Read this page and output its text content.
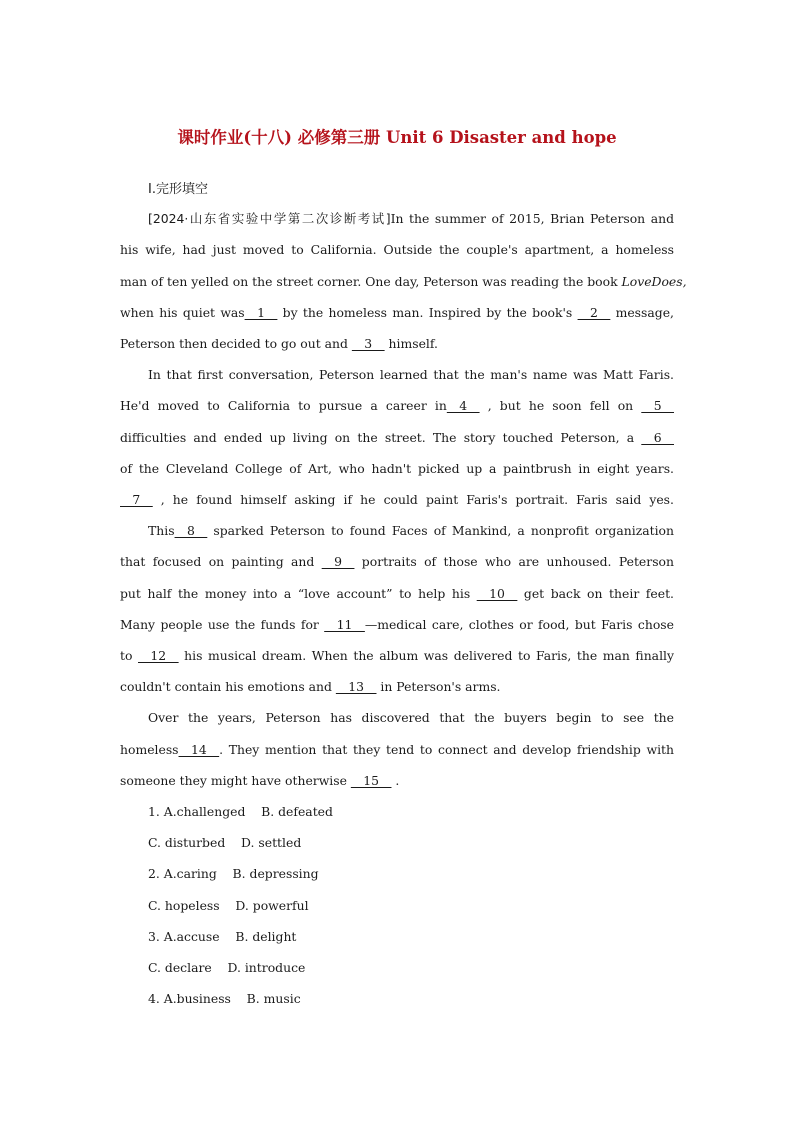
课时作业(十八) 必修第三册 Unit 6 Disaster and hope
Ⅰ.完形填空
[2024·山东省实验中学第二次诊断考试]In the summer of 2015, Brian Peterson and
his wife, had just moved to California. Outside the couple's apartment, a homeless
man of ten yelled on the street corner. One day, Peterson was reading the book LoveDoes,
when his quiet was__1__ by the homeless man. Inspired by the book's __2__ message,
Peterson then decided to go out and __3__ himself.
In that first conversation, Peterson learned that the man's name was Matt Faris.
He'd moved to California to pursue a career in__4__ , but he soon fell on __5__
difficulties and ended up living on the street. The story touched Peterson, a __6__
of the Cleveland College of Art, who hadn't picked up a paintbrush in eight years.
__7__ , he found himself asking if he could paint Faris's portrait. Faris said yes.
This__8__ sparked Peterson to found Faces of Mankind, a nonprofit organization
that focused on painting and __9__ portraits of those who are unhoused. Peterson
put half the money into a “love account” to help his __10__ get back on their feet.
Many people use the funds for __11__—medical care, clothes or food, but Faris chose
to __12__ his musical dream. When the album was delivered to Faris, the man finally
couldn't contain his emotions and __13__ in Peterson's arms.
Over the years, Peterson has discovered that the buyers begin to see the
homeless__14__. They mention that they tend to connect and develop friendship with
someone they might have otherwise __15__ .
1. A.challenged    B. defeated
C. disturbed    D. settled
2. A.caring    B. depressing
C. hopeless    D. powerful
3. A.accuse    B. delight
C. declare    D. introduce
4. A.business    B. music
